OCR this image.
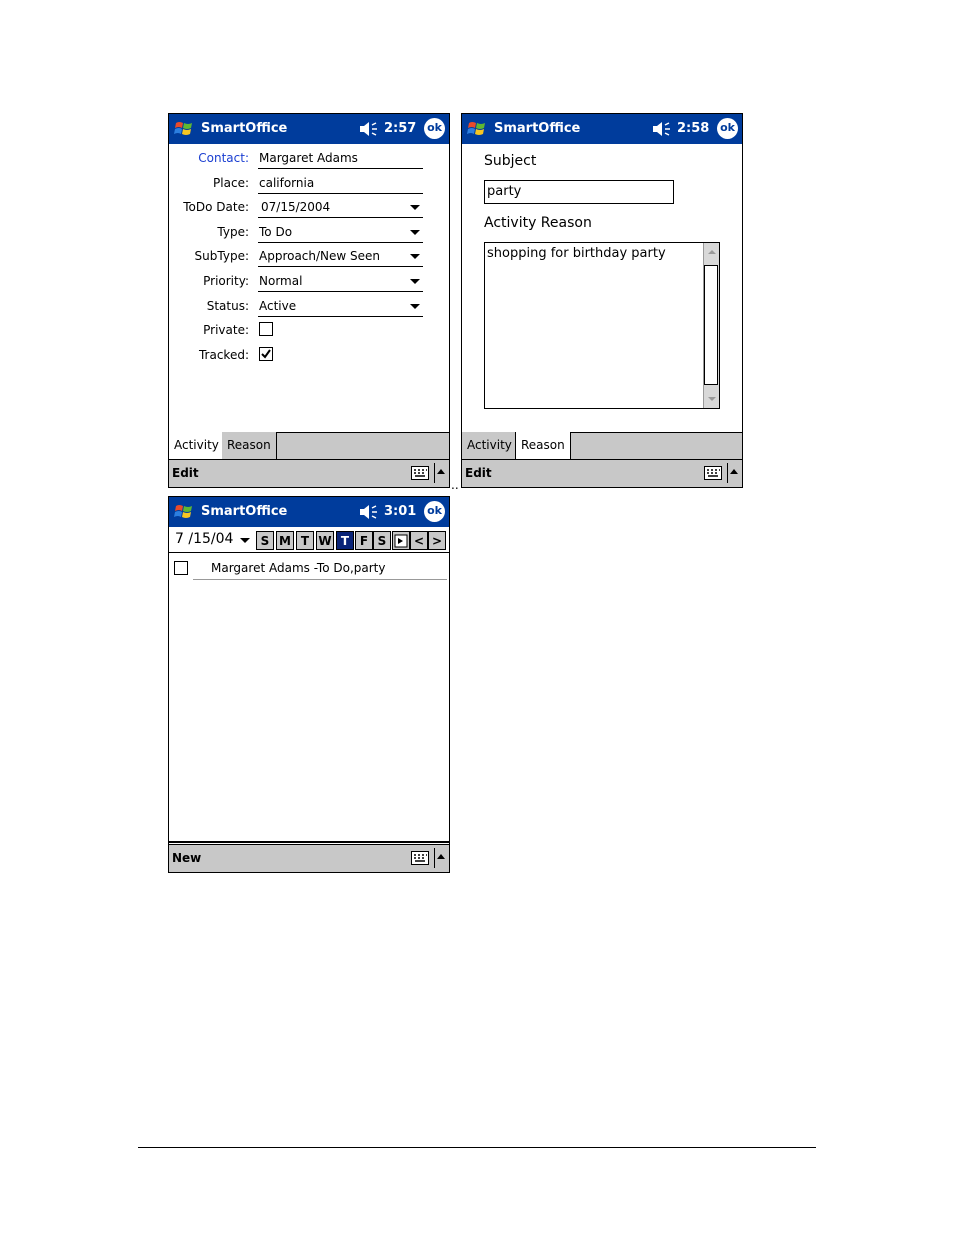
SmartOffice	2:57 ok
Contact: Margaret Adams
Place: california
ToDo Date: 07/15/2004
Type: To Do
SubType: Approach/New Seen
Priority: Normal
Status: Active
Private:
Tracked:
Activity Reason
Edit
..
SmartOffice	2:58 ok
Subject
party
Activity Reason
shopping for birthday party
Activity Reason
Edit
SmartOffice	3:01 ok
7 /15/04	S M T W T F S	< >
Margaret Adams -To Do,party
New
